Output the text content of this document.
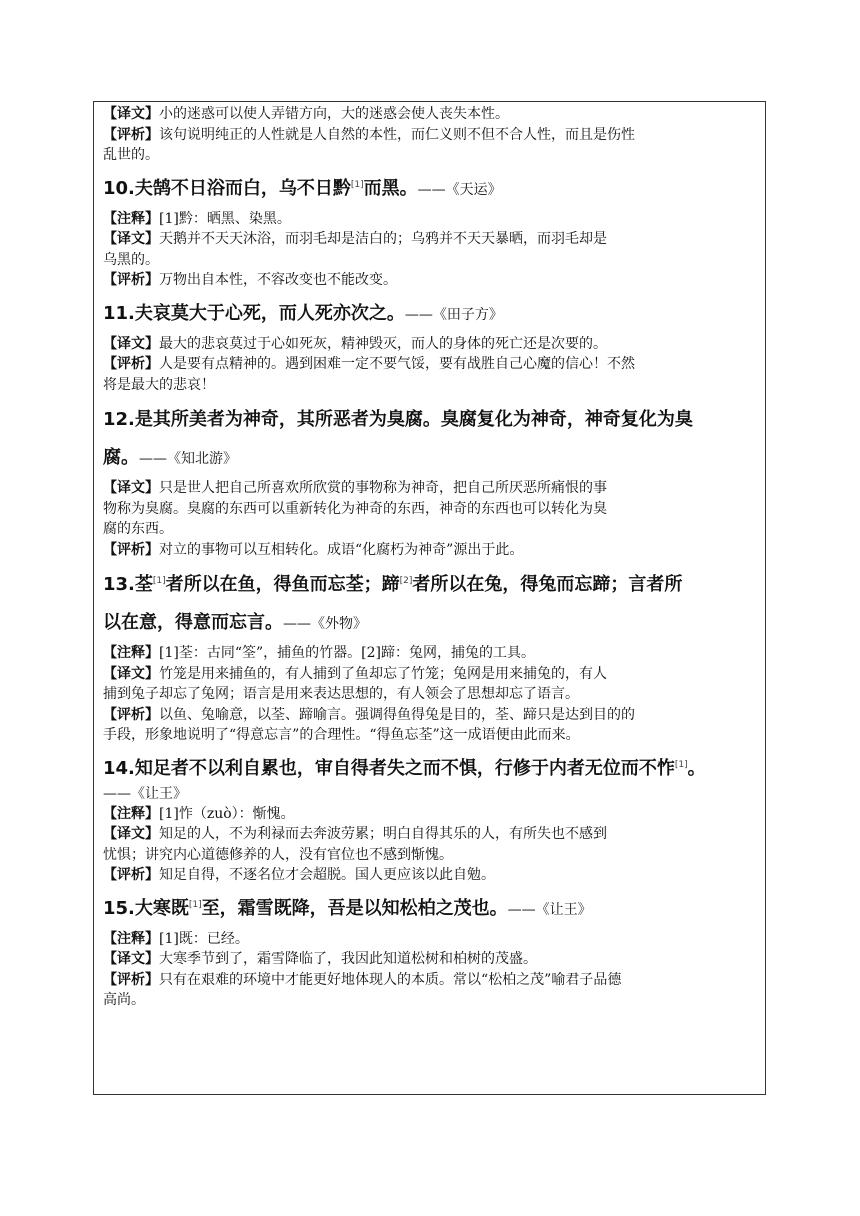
【译文】小的迷惑可以使人弄错方向，大的迷惑会使人丧失本性。

【评析】该句说明纯正的人性就是人自然的本性，而仁义则不但不合人性，而且是伤性

乱世的。

10.夫鹄不日浴而白，乌不日黔[1]而黑。——《天运》

【注释】[1]黔：晒黑、染黑。

【译文】天鹅并不天天沐浴，而羽毛却是洁白的；乌鸦并不天天暴晒，而羽毛却是

乌黑的。

【评析】万物出自本性，不容改变也不能改变。

11.夫哀莫大于心死，而人死亦次之。——《田子方》

【译文】最大的悲哀莫过于心如死灰，精神毁灭，而人的身体的死亡还是次要的。

【评析】人是要有点精神的。遇到困难一定不要气馁，要有战胜自己心魔的信心！不然

将是最大的悲哀！

12.是其所美者为神奇，其所恶者为臭腐。臭腐复化为神奇，神奇复化为臭
腐。——《知北游》

【译文】只是世人把自己所喜欢所欣赏的事物称为神奇，把自己所厌恶所痛恨的事

物称为臭腐。臭腐的东西可以重新转化为神奇的东西，神奇的东西也可以转化为臭

腐的东西。

【评析】对立的事物可以互相转化。成语“化腐朽为神奇”源出于此。

13.荃[1]者所以在鱼，得鱼而忘荃；蹄[2]者所以在兔，得兔而忘蹄；言者所
以在意，得意而忘言。——《外物》

【注释】[1]荃：古同“筌”，捕鱼的竹器。[2]蹄：兔网，捕兔的工具。

【译文】竹笼是用来捕鱼的，有人捕到了鱼却忘了竹笼；兔网是用来捕兔的，有人

捕到兔子却忘了兔网；语言是用来表达思想的，有人领会了思想却忘了语言。

【评析】以鱼、兔喻意，以荃、蹄喻言。强调得鱼得兔是目的，荃、蹄只是达到目的的

手段，形象地说明了“得意忘言”的合理性。“得鱼忘荃”这一成语便由此而来。

14.知足者不以利自累也，审自得者失之而不惧，行修于内者无位而不怍[1]。

——《让王》

【注释】[1]怍（zuò）：惭愧。

【译文】知足的人，不为利禄而去奔波劳累；明白自得其乐的人，有所失也不感到

忧惧；讲究内心道德修养的人，没有官位也不感到惭愧。

【评析】知足自得，不逐名位才会超脱。国人更应该以此自勉。

15.大寒既[1]至，霜雪既降，吾是以知松柏之茂也。——《让王》

【注释】[1]既：已经。

【译文】大寒季节到了，霜雪降临了，我因此知道松树和柏树的茂盛。

【评析】只有在艰难的环境中才能更好地体现人的本质。常以“松柏之茂”喻君子品德

高尚。
